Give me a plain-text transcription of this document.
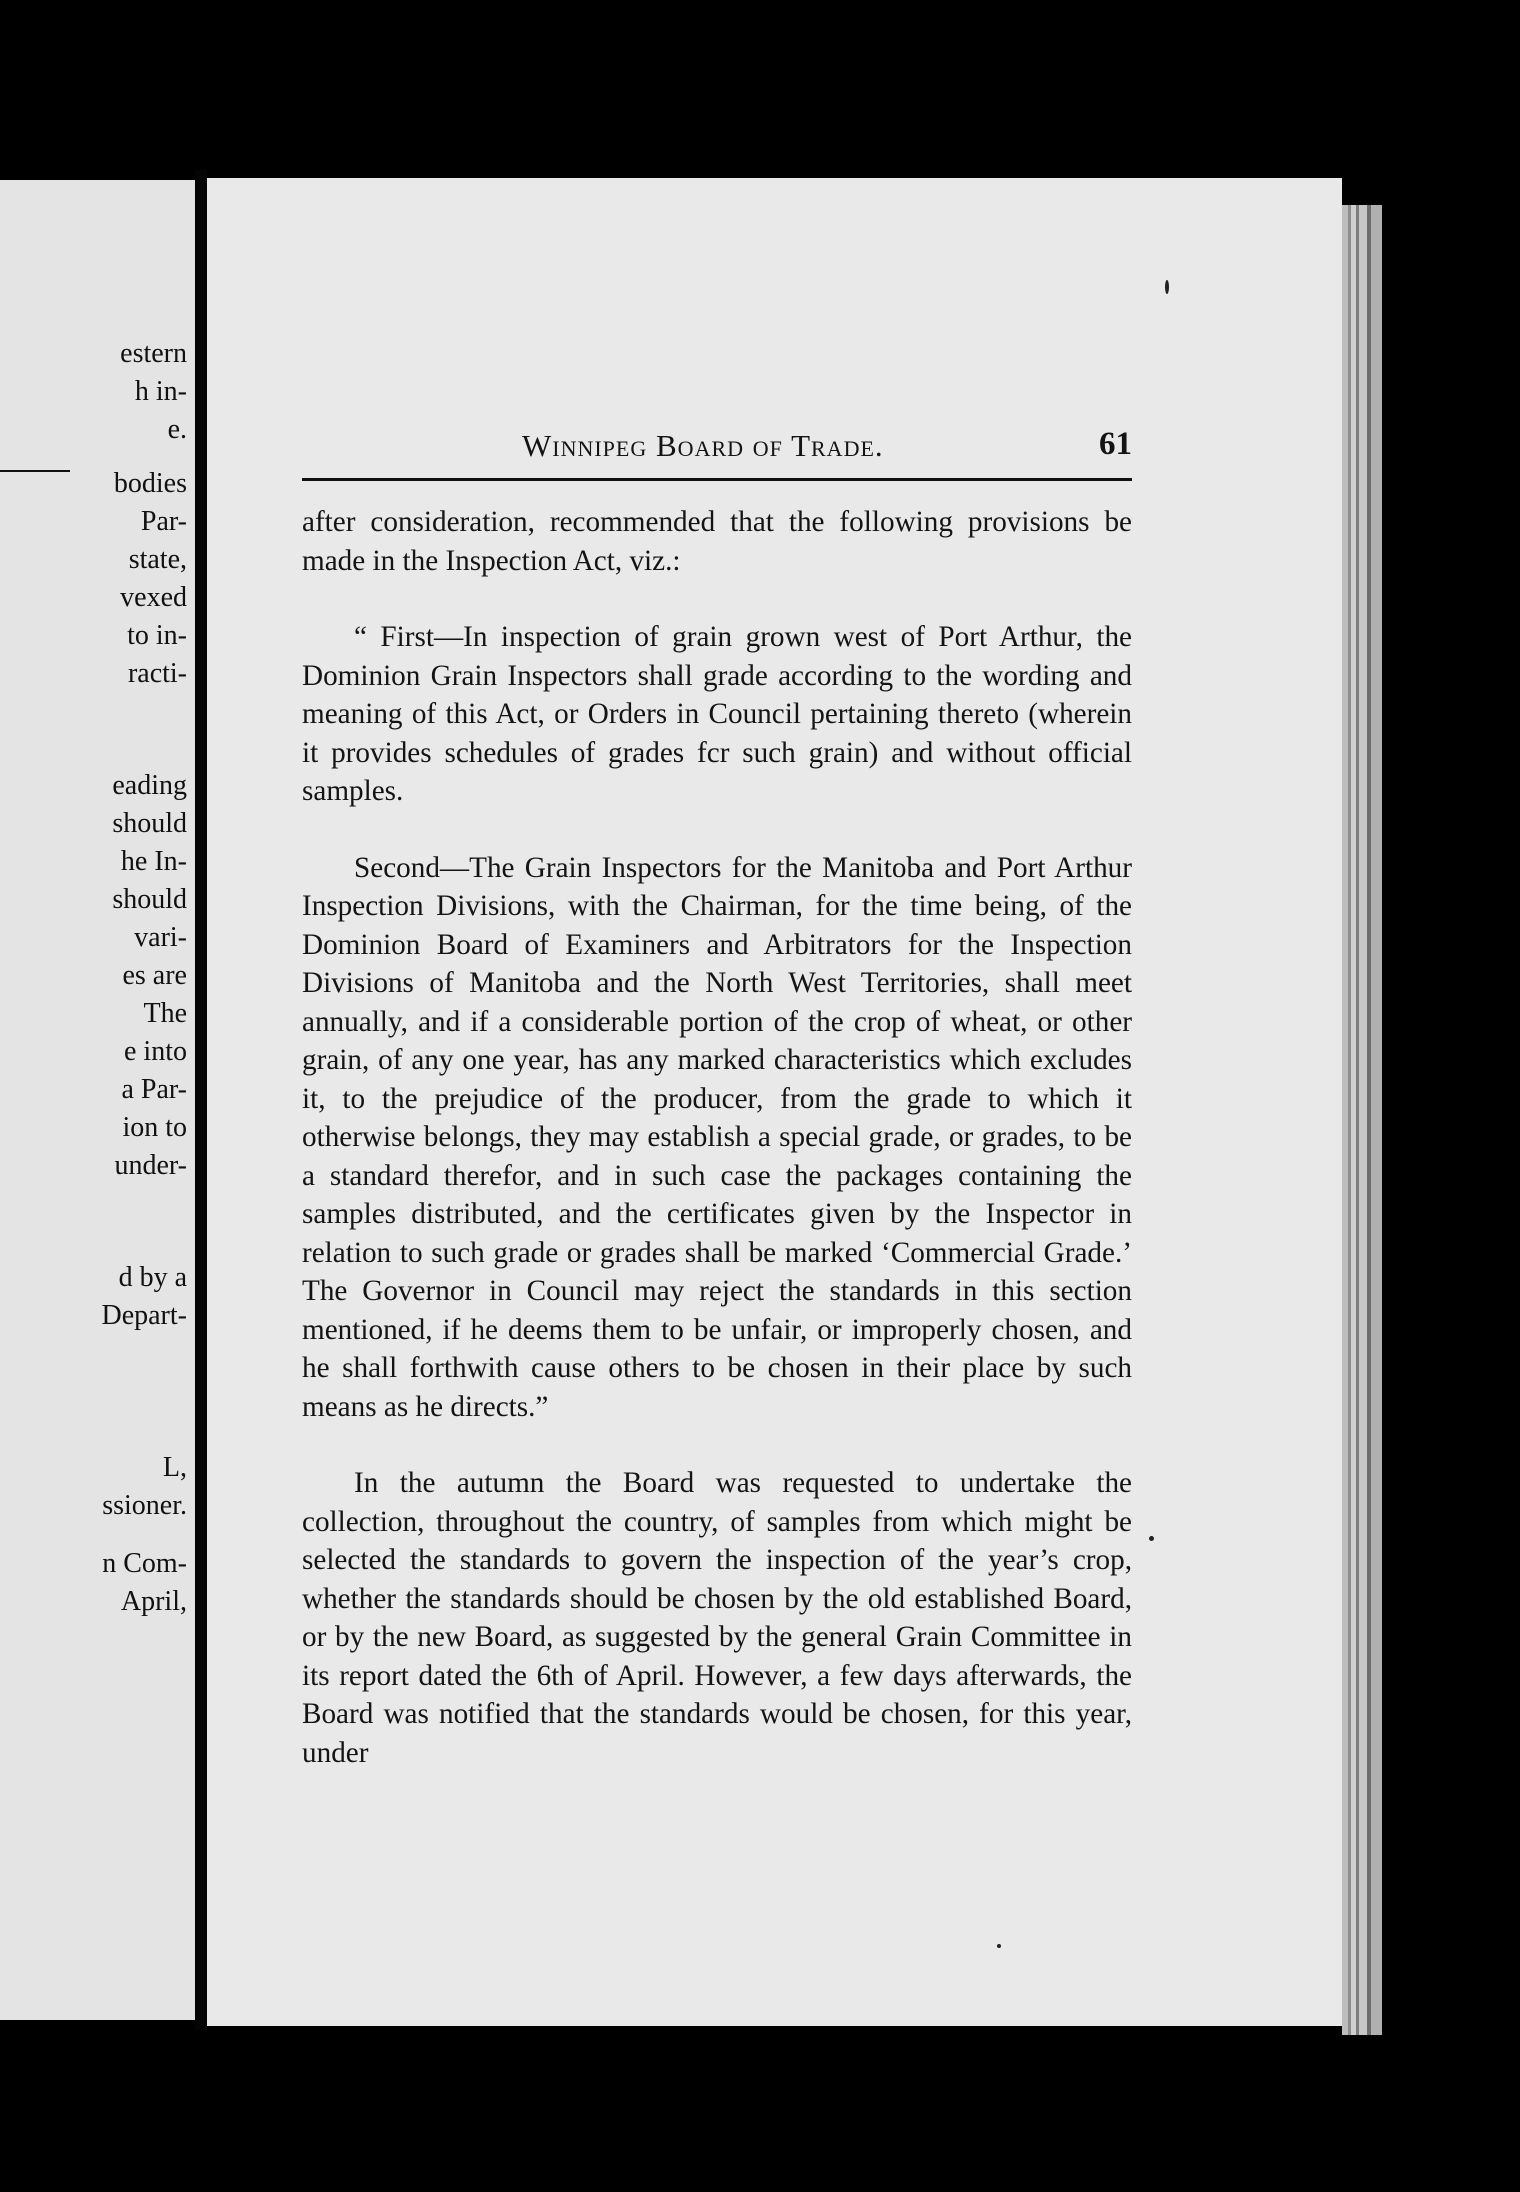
estern
h in-
e.
bodies
Par-
state,
vexed
to in-
racti-
eading
should
he In-
should
vari-
es are
The
e into
a Par-
ion to
under-
d by a
Depart-
L,
ssioner.
n Com-
April,
Winnipeg Board of Trade.	61

after consideration, recommended that the following provisions be made in the Inspection Act, viz.:

“ First—In inspection of grain grown west of Port Arthur, the Dominion Grain Inspectors shall grade according to the wording and meaning of this Act, or Orders in Council pertaining thereto (wherein it provides schedules of grades fcr such grain) and without official samples.

Second—The Grain Inspectors for the Manitoba and Port Arthur Inspection Divisions, with the Chairman, for the time being, of the Dominion Board of Examiners and Arbitrators for the Inspection Divisions of Manitoba and the North West Territories, shall meet annually, and if a considerable portion of the crop of wheat, or other grain, of any one year, has any marked characteristics which excludes it, to the prejudice of the producer, from the grade to which it otherwise belongs, they may establish a special grade, or grades, to be a standard therefor, and in such case the packages containing the samples distributed, and the certificates given by the Inspector in relation to such grade or grades shall be marked ‘Commercial Grade.’ The Governor in Council may reject the standards in this section mentioned, if he deems them to be unfair, or improperly chosen, and he shall forthwith cause others to be chosen in their place by such means as he directs.”

In the autumn the Board was requested to undertake the collection, throughout the country, of samples from which might be selected the standards to govern the inspection of the year’s crop, whether the standards should be chosen by the old established Board, or by the new Board, as suggested by the general Grain Committee in its report dated the 6th of April. However, a few days afterwards, the Board was notified that the standards would be chosen, for this year, under
